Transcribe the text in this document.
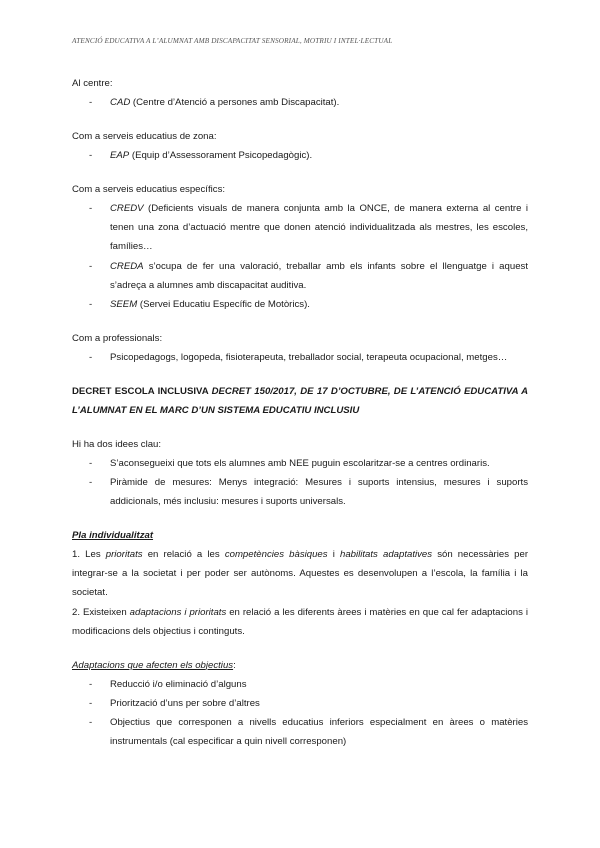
ATENCIÓ EDUCATIVA A L’ALUMNAT AMB DISCAPACITAT SENSORIAL, MOTRIU I INTEL·LECTUAL

Al centre:

- CAD (Centre d’Atenció a persones amb Discapacitat).

Com a serveis educatius de zona:

- EAP (Equip d’Assessorament Psicopedagògic).

Com a serveis educatius específics:

- CREDV (Deficients visuals de manera conjunta amb la ONCE, de manera externa al centre i tenen una zona d’actuació mentre que donen atenció individualitzada als mestres, les escoles, famílies…
- CREDA s’ocupa de fer una valoració, treballar amb els infants sobre el llenguatge i aquest s’adreça a alumnes amb discapacitat auditiva.
- SEEM (Servei Educatiu Específic de Motòrics).

Com a professionals:

- Psicopedagogs, logopeda, fisioterapeuta, treballador social, terapeuta ocupacional, metges…

DECRET ESCOLA INCLUSIVA DECRET 150/2017, DE 17 D’OCTUBRE, DE L’ATENCIÓ EDUCATIVA A L’ALUMNAT EN EL MARC D’UN SISTEMA EDUCATIU INCLUSIU

Hi ha dos idees clau:

- S’aconsegueixi que tots els alumnes amb NEE puguin escolaritzar-se a centres ordinaris.
- Piràmide de mesures: Menys integració: Mesures i suports intensius, mesures i suports addicionals, més inclusiu: mesures i suports universals.

Pla individualitzat

1. Les prioritats en relació a les competències bàsiques i habilitats adaptatives són necessàries per integrar-se a la societat i per poder ser autònoms. Aquestes es desenvolupen a l’escola, la família i la societat.

2. Existeixen adaptacions i prioritats en relació a les diferents àrees i matèries en que cal fer adaptacions i modificacions dels objectius i continguts.

Adaptacions que afecten els objectius:

- Reducció i/o eliminació d’alguns
- Priorització d’uns per sobre d’altres
- Objectius que corresponen a nivells educatius inferiors especialment en àrees o matèries instrumentals (cal especificar a quin nivell corresponen)
